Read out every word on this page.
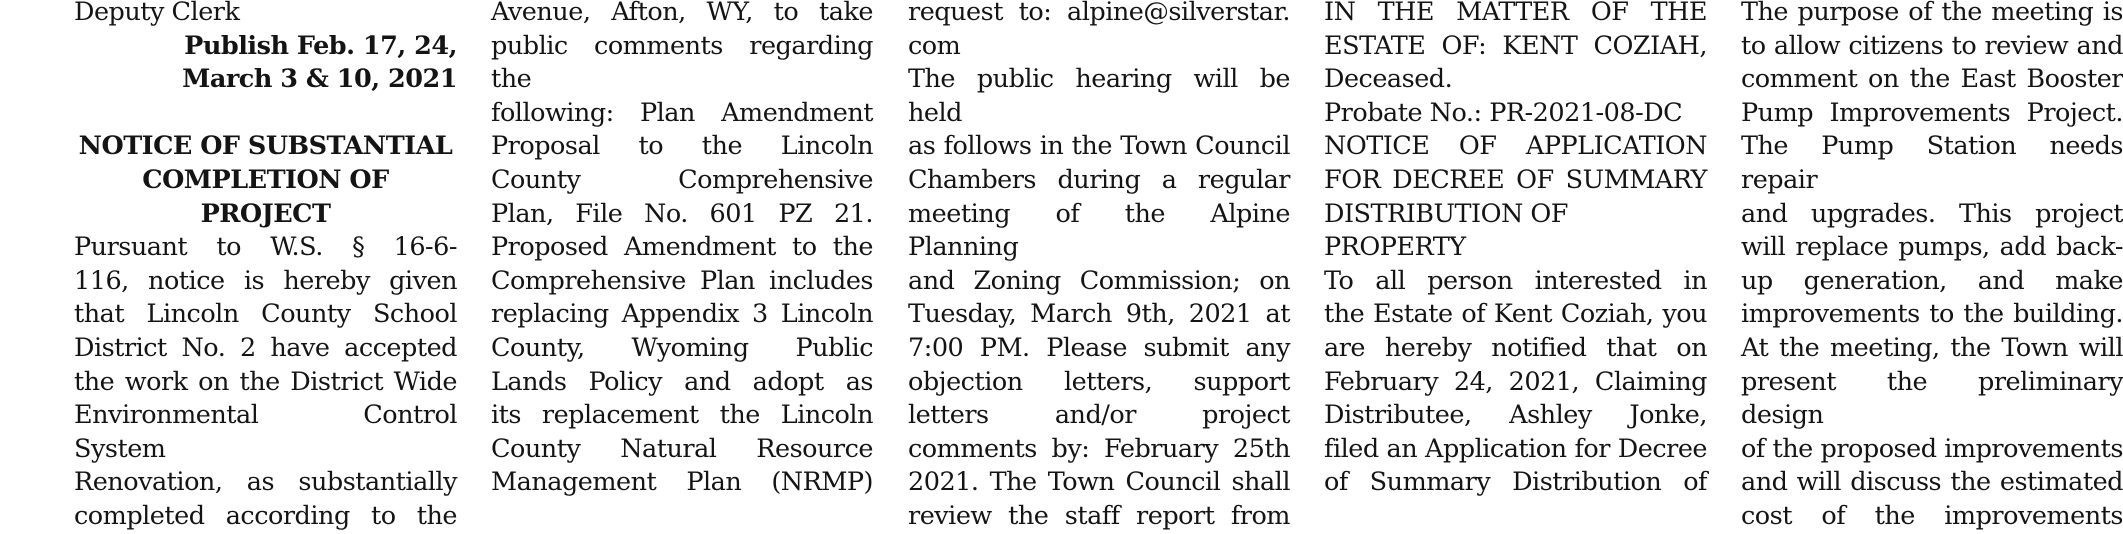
Deputy Clerk

Publish Feb. 17, 24,

March 3 & 10, 2021

NOTICE OF SUBSTANTIAL

COMPLETION OF PROJECT

Pursuant to W.S. § 16-6-

116, notice is hereby given

that Lincoln County School

District No. 2 have accepted

the work on the District Wide

Environmental Control System

Renovation, as substantially

completed according to the

Avenue, Afton, WY, to take

public comments regarding the

following: Plan Amendment

Proposal to the Lincoln

County Comprehensive

Plan, File No. 601 PZ 21.

Proposed Amendment to the

Comprehensive Plan includes

replacing Appendix 3 Lincoln

County, Wyoming Public

Lands Policy and adopt as

its replacement the Lincoln

County Natural Resource

Management Plan (NRMP)

request to: alpine@silverstar.

com

The public hearing will be held

as follows in the Town Council

Chambers during a regular

meeting of the Alpine Planning

and Zoning Commission; on

Tuesday, March 9th, 2021 at

7:00 PM. Please submit any

objection letters, support

letters and/or project

comments by: February 25th

2021. The Town Council shall

review the staff report from

IN THE MATTER OF THE

ESTATE OF: KENT COZIAH,

Deceased.

Probate No.: PR-2021-08-DC

NOTICE OF APPLICATION

FOR DECREE OF SUMMARY

DISTRIBUTION OF PROPERTY

To all person interested in

the Estate of Kent Coziah, you

are hereby notified that on

February 24, 2021, Claiming

Distributee, Ashley Jonke,

filed an Application for Decree

of Summary Distribution of

The purpose of the meeting is

to allow citizens to review and

comment on the East Booster

Pump Improvements Project.

The Pump Station needs repair

and upgrades. This project

will replace pumps, add back-

up generation, and make

improvements to the building.

At the meeting, the Town will

present the preliminary design

of the proposed improvements

and will discuss the estimated

cost of the improvements
